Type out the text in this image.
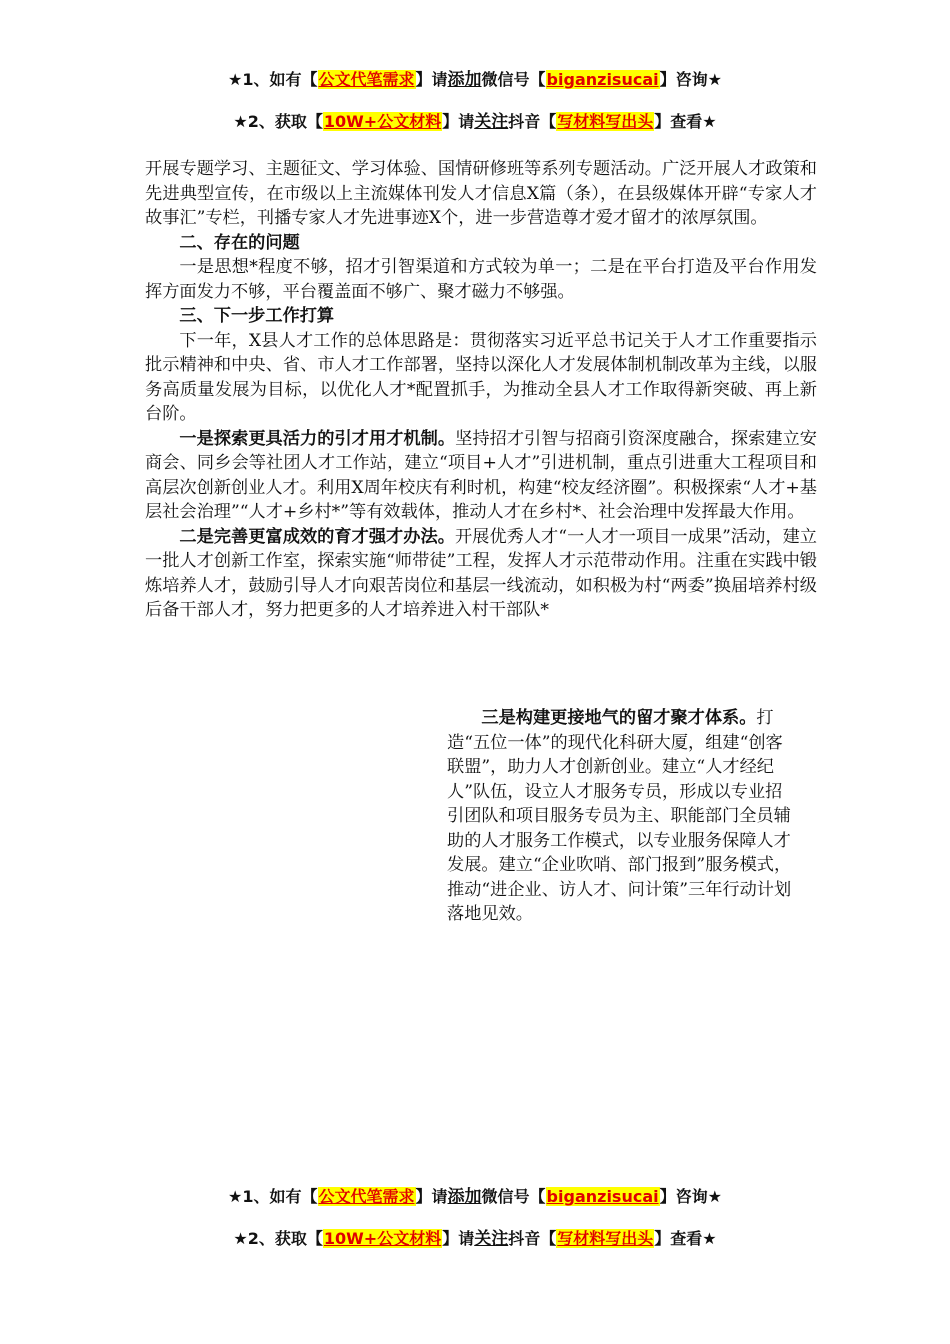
★1、如有【公文代笔需求】请添加微信号【biganzisucai】咨询★
★2、获取【10W+公文材料】请关注抖音【写材料写出头】查看★

开展专题学习、主题征文、学习体验、国情研修班等系列专题活动。广泛开展人才政策和先进典型宣传，在市级以上主流媒体刊发人才信息X篇（条），在县级媒体开辟“专家人才故事汇”专栏，刊播专家人才先进事迹X个，进一步营造尊才爱才留才的浓厚氛围。

二、存在的问题

一是思想*程度不够，招才引智渠道和方式较为单一；二是在平台打造及平台作用发挥方面发力不够，平台覆盖面不够广、聚才磁力不够强。

三、下一步工作打算

下一年，X县人才工作的总体思路是：贯彻落实习近平总书记关于人才工作重要指示批示精神和中央、省、市人才工作部署，坚持以深化人才发展体制机制改革为主线，以服务高质量发展为目标，以优化人才*配置抓手，为推动全县人才工作取得新突破、再上新台阶。

一是探索更具活力的引才用才机制。坚持招才引智与招商引资深度融合，探索建立安商会、同乡会等社团人才工作站，建立“项目+人才”引进机制，重点引进重大工程项目和高层次创新创业人才。利用X周年校庆有利时机，构建“校友经济圈”。积极探索“人才+基层社会治理”“人才+乡村*”等有效载体，推动人才在乡村*、社会治理中发挥最大作用。

二是完善更富成效的育才强才办法。开展优秀人才“一人才一项目一成果”活动，建立一批人才创新工作室，探索实施“师带徒”工程，发挥人才示范带动作用。注重在实践中锻炼培养人才，鼓励引导人才向艰苦岗位和基层一线流动，如积极为村“两委”换届培养村级后备干部人才，努力把更多的人才培养进入村干部队*

三是构建更接地气的留才聚才体系。打造“五位一体”的现代化科研大厦，组建“创客联盟”，助力人才创新创业。建立“人才经纪人”队伍，设立人才服务专员，形成以专业招引团队和项目服务专员为主、职能部门全员辅助的人才服务工作模式，以专业服务保障人才发展。建立“企业吹哨、部门报到”服务模式，推动“进企业、访人才、问计策”三年行动计划落地见效。

★1、如有【公文代笔需求】请添加微信号【biganzisucai】咨询★
★2、获取【10W+公文材料】请关注抖音【写材料写出头】查看★
